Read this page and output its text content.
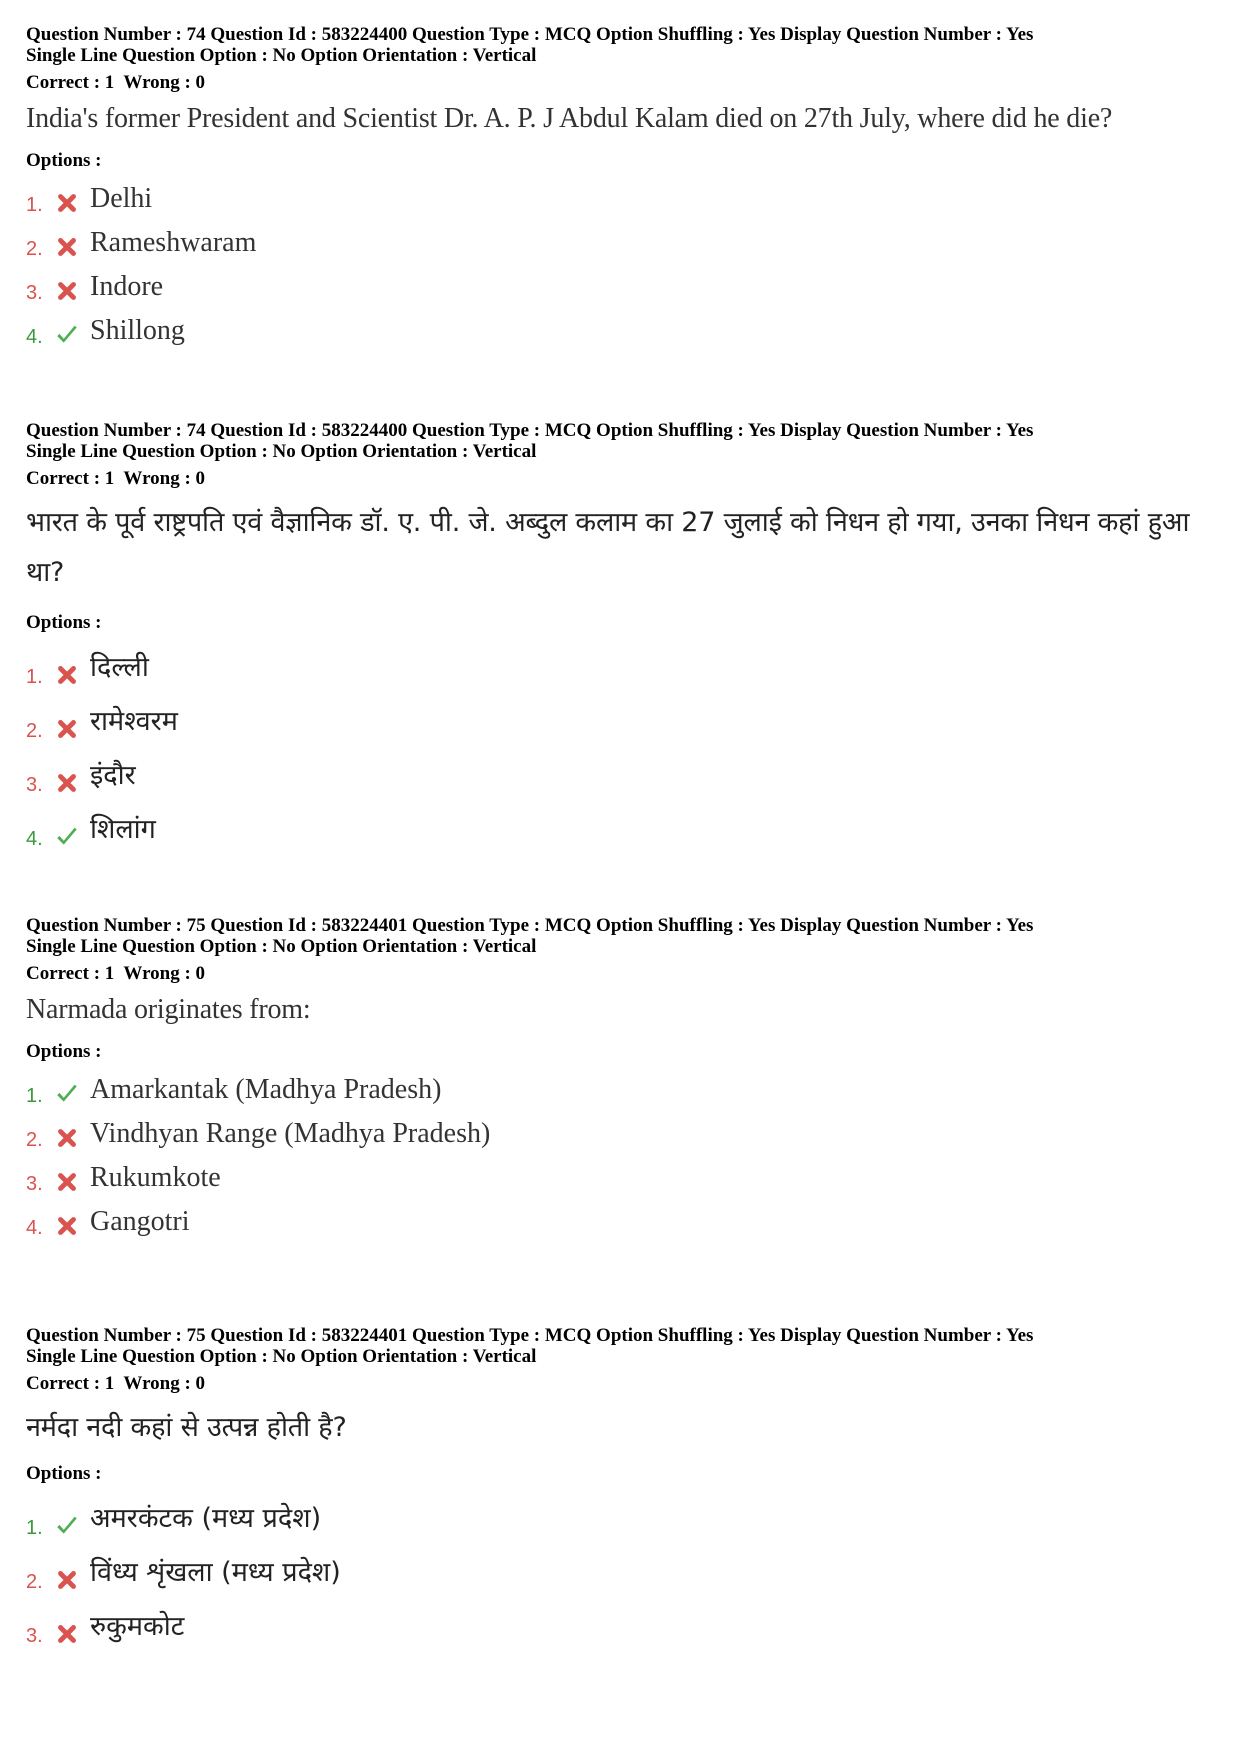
Question Number : 74 Question Id : 583224400 Question Type : MCQ Option Shuffling : Yes Display Question Number : Yes
Single Line Question Option : No Option Orientation : Vertical
Correct : 1  Wrong : 0
India's former President and Scientist Dr. A. P. J Abdul Kalam died on 27th July, where did he die?
Options :
1.	Delhi
2.	Rameshwaram
3.	Indore
4.	Shillong
Question Number : 74 Question Id : 583224400 Question Type : MCQ Option Shuffling : Yes Display Question Number : Yes
Single Line Question Option : No Option Orientation : Vertical
Correct : 1  Wrong : 0
भारत के पूर्व राष्ट्रपति एवं वैज्ञानिक डॉ. ए. पी. जे. अब्दुल कलाम का 27 जुलाई को निधन हो गया, उनका निधन कहां हुआ था?
Options :
1.	दिल्ली
2.	रामेश्वरम
3.	इंदौर
4.	शिलांग
Question Number : 75 Question Id : 583224401 Question Type : MCQ Option Shuffling : Yes Display Question Number : Yes
Single Line Question Option : No Option Orientation : Vertical
Correct : 1  Wrong : 0
Narmada originates from:
Options :
1.	Amarkantak (Madhya Pradesh)
2.	Vindhyan Range (Madhya Pradesh)
3.	Rukumkote
4.	Gangotri
Question Number : 75 Question Id : 583224401 Question Type : MCQ Option Shuffling : Yes Display Question Number : Yes
Single Line Question Option : No Option Orientation : Vertical
Correct : 1  Wrong : 0
नर्मदा नदी कहां से उत्पन्न होती है?
Options :
1.	अमरकंटक (मध्य प्रदेश)
2.	विंध्य शृंखला (मध्य प्रदेश)
3.	रुकुमकोट
